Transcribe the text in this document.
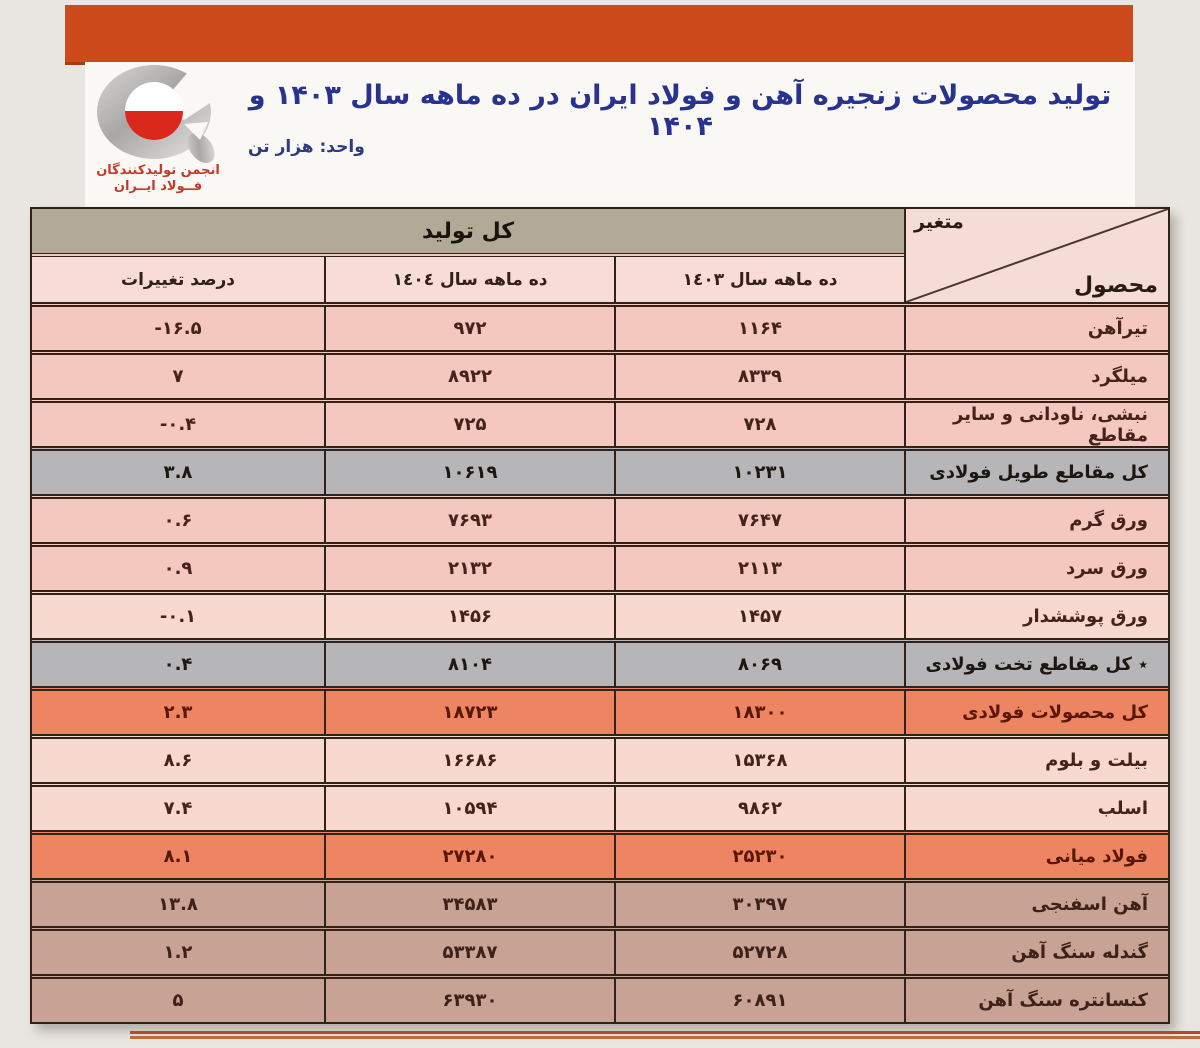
انجمن تولیدکنندگان
فــولاد ایــران
تولید محصولات زنجیره آهن و فولاد ایران در ده ماهه سال ۱۴۰۳ و ۱۴۰۴
واحد: هزار تن
متغیر
محصول
کل تولید
ده ماهه سال ١٤٠٣
ده ماهه سال ١٤٠٤
درصد تغییرات
تیرآهن
۱۱۶۴
۹۷۲
-۱۶.۵
میلگرد
۸۳۳۹
۸۹۲۲
۷
نبشی، ناودانی و سایر مقاطع
۷۲۸
۷۲۵
-۰.۴
کل مقاطع طویل فولادی
۱۰۲۳۱
۱۰۶۱۹
۳.۸
ورق گرم
۷۶۴۷
۷۶۹۳
۰.۶
ورق سرد
۲۱۱۳
۲۱۳۲
۰.۹
ورق پوششدار
۱۴۵۷
۱۴۵۶
-۰.۱
٭ کل مقاطع تخت فولادی
۸۰۶۹
۸۱۰۴
۰.۴
کل محصولات فولادی
۱۸۳۰۰
۱۸۷۲۳
۲.۳
بیلت و بلوم
۱۵۳۶۸
۱۶۶۸۶
۸.۶
اسلب
۹۸۶۲
۱۰۵۹۴
۷.۴
فولاد میانی
۲۵۲۳۰
۲۷۲۸۰
۸.۱
آهن اسفنجی
۳۰۳۹۷
۳۴۵۸۳
۱۳.۸
گندله سنگ آهن
۵۲۷۲۸
۵۳۳۸۷
۱.۲
کنسانتره سنگ آهن
۶۰۸۹۱
۶۳۹۳۰
۵
